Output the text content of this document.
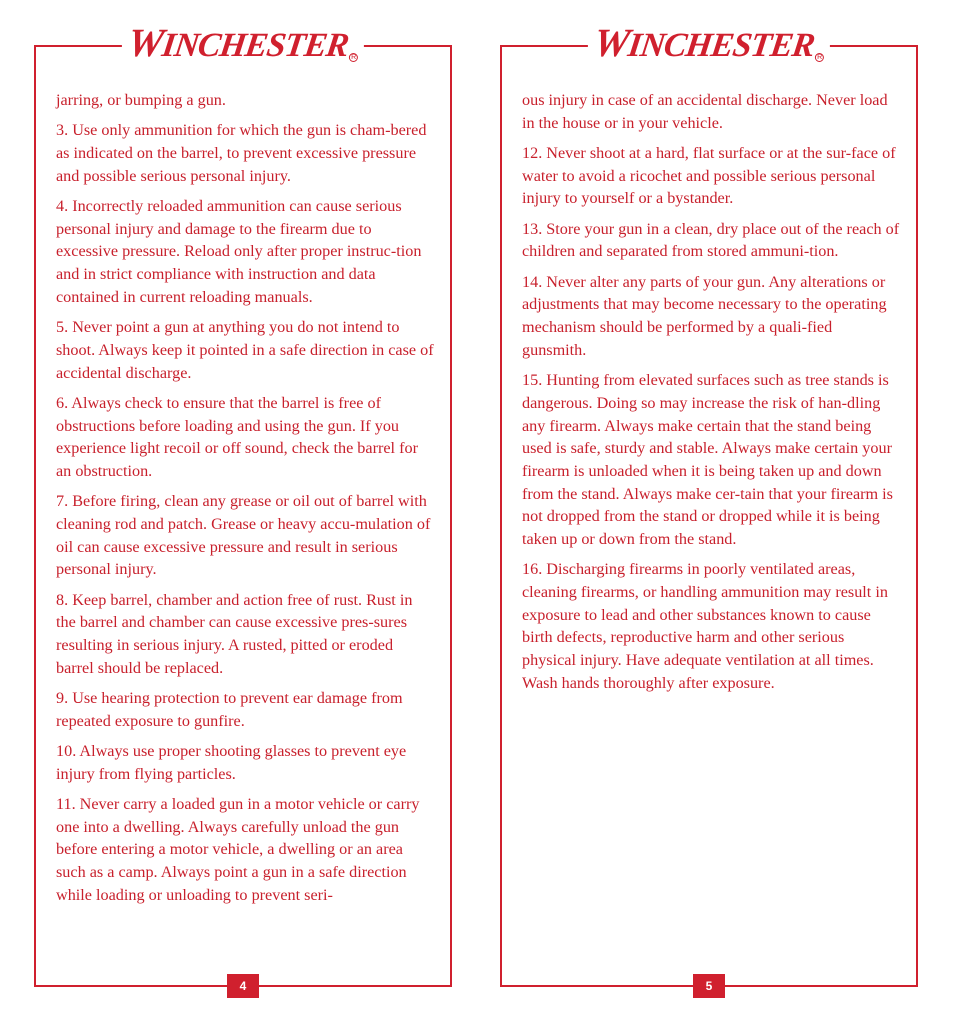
WINCHESTER R

jarring, or bumping a gun.

3. Use only ammunition for which the gun is cham-bered as indicated on the barrel, to prevent excessive pressure and possible serious personal injury.

4. Incorrectly reloaded ammunition can cause serious personal injury and damage to the firearm due to excessive pressure. Reload only after proper instruc-tion and in strict compliance with instruction and data contained in current reloading manuals.

5. Never point a gun at anything you do not intend to shoot. Always keep it pointed in a safe direction in case of accidental discharge.

6. Always check to ensure that the barrel is free of obstructions before loading and using the gun. If you experience light recoil or off sound, check the barrel for an obstruction.

7. Before firing, clean any grease or oil out of barrel with cleaning rod and patch. Grease or heavy accu-mulation of oil can cause excessive pressure and result in serious personal injury.

8. Keep barrel, chamber and action free of rust. Rust in the barrel and chamber can cause excessive pres-sures resulting in serious injury. A rusted, pitted or eroded barrel should be replaced.

9. Use hearing protection to prevent ear damage from repeated exposure to gunfire.

10. Always use proper shooting glasses to prevent eye injury from flying particles.

11. Never carry a loaded gun in a motor vehicle or carry one into a dwelling. Always carefully unload the gun before entering a motor vehicle, a dwelling or an area such as a camp. Always point a gun in a safe direction while loading or unloading to prevent seri-

4
WINCHESTER R

ous injury in case of an accidental discharge. Never load in the house or in your vehicle.

12. Never shoot at a hard, flat surface or at the sur-face of water to avoid a ricochet and possible serious personal injury to yourself or a bystander.

13. Store your gun in a clean, dry place out of the reach of children and separated from stored ammuni-tion.

14. Never alter any parts of your gun. Any alterations or adjustments that may become necessary to the operating mechanism should be performed by a quali-fied gunsmith.

15. Hunting from elevated surfaces such as tree stands is dangerous. Doing so may increase the risk of han-dling any firearm. Always make certain that the stand being used is safe, sturdy and stable. Always make certain your firearm is unloaded when it is being taken up and down from the stand. Always make cer-tain that your firearm is not dropped from the stand or dropped while it is being taken up or down from the stand.

16. Discharging firearms in poorly ventilated areas, cleaning firearms, or handling ammunition may result in exposure to lead and other substances known to cause birth defects, reproductive harm and other serious physical injury. Have adequate ventilation at all times. Wash hands thoroughly after exposure.

5
